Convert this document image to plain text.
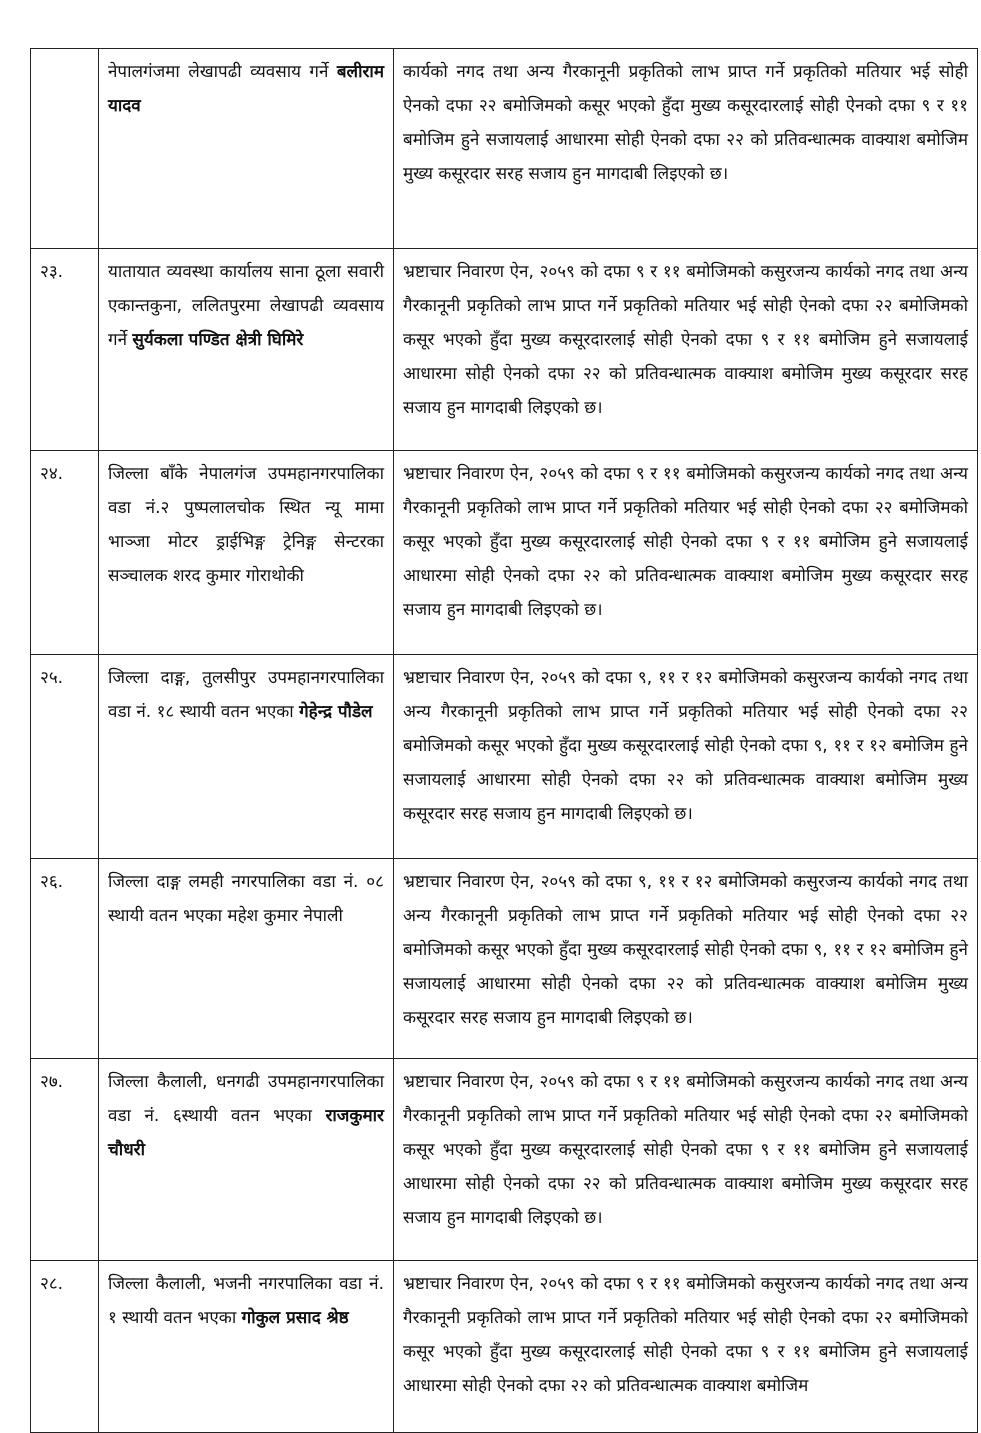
	नेपालगंजमा लेखापढी व्यवसाय गर्ने बलीराम यादव	कार्यको नगद तथा अन्य गैरकानूनी प्रकृतिको लाभ प्राप्त गर्ने प्रकृतिको मतियार भई सोही ऐनको दफा २२ बमोजिमको कसूर भएको हुँदा मुख्य कसूरदारलाई सोही ऐनको दफा ९ र ११ बमोजिम हुने सजायलाई आधारमा सोही ऐनको दफा २२ को प्रतिवन्धात्मक वाक्याश बमोजिम मुख्य कसूरदार सरह सजाय हुन मागदाबी लिइएको छ।

२३.	यातायात व्यवस्था कार्यालय साना ठूला सवारी एकान्तकुना, ललितपुरमा लेखापढी व्यवसाय गर्ने सुर्यकला पण्डित क्षेत्री घिमिरे	भ्रष्टाचार निवारण ऐन, २०५९ को दफा ९ र ११ बमोजिमको कसुरजन्य कार्यको नगद तथा अन्य गैरकानूनी प्रकृतिको लाभ प्राप्त गर्ने प्रकृतिको मतियार भई सोही ऐनको दफा २२ बमोजिमको कसूर भएको हुँदा मुख्य कसूरदारलाई सोही ऐनको दफा ९ र ११ बमोजिम हुने सजायलाई आधारमा सोही ऐनको दफा २२ को प्रतिवन्धात्मक वाक्याश बमोजिम मुख्य कसूरदार सरह सजाय हुन मागदाबी लिइएको छ।

२४.	जिल्ला बाँके नेपालगंज उपमहानगरपालिका वडा नं.२ पुष्पलालचोक स्थित न्यू मामा भाञ्जा मोटर ड्राईभिङ्ग ट्रेनिङ्ग सेन्टरका सञ्चालक शरद कुमार गोराथोकी	भ्रष्टाचार निवारण ऐन, २०५९ को दफा ९ र ११ बमोजिमको कसुरजन्य कार्यको नगद तथा अन्य गैरकानूनी प्रकृतिको लाभ प्राप्त गर्ने प्रकृतिको मतियार भई सोही ऐनको दफा २२ बमोजिमको कसूर भएको हुँदा मुख्य कसूरदारलाई सोही ऐनको दफा ९ र ११ बमोजिम हुने सजायलाई आधारमा सोही ऐनको दफा २२ को प्रतिवन्धात्मक वाक्याश बमोजिम मुख्य कसूरदार सरह सजाय हुन मागदाबी लिइएको छ।

२५.	जिल्ला दाङ्ग, तुलसीपुर उपमहानगरपालिका वडा नं. १८ स्थायी वतन भएका गेहेन्द्र पौडेल	भ्रष्टाचार निवारण ऐन, २०५९ को दफा ९, ११ र १२ बमोजिमको कसुरजन्य कार्यको नगद तथा अन्य गैरकानूनी प्रकृतिको लाभ प्राप्त गर्ने प्रकृतिको मतियार भई सोही ऐनको दफा २२ बमोजिमको कसूर भएको हुँदा मुख्य कसूरदारलाई सोही ऐनको दफा ९, ११ र १२ बमोजिम हुने सजायलाई आधारमा सोही ऐनको दफा २२ को प्रतिवन्धात्मक वाक्याश बमोजिम मुख्य कसूरदार सरह सजाय हुन मागदाबी लिइएको छ।

२६.	जिल्ला दाङ्ग लमही नगरपालिका वडा नं. ०८ स्थायी वतन भएका महेश कुमार नेपाली	भ्रष्टाचार निवारण ऐन, २०५९ को दफा ९, ११ र १२ बमोजिमको कसुरजन्य कार्यको नगद तथा अन्य गैरकानूनी प्रकृतिको लाभ प्राप्त गर्ने प्रकृतिको मतियार भई सोही ऐनको दफा २२ बमोजिमको कसूर भएको हुँदा मुख्य कसूरदारलाई सोही ऐनको दफा ९, ११ र १२ बमोजिम हुने सजायलाई आधारमा सोही ऐनको दफा २२ को प्रतिवन्धात्मक वाक्याश बमोजिम मुख्य कसूरदार सरह सजाय हुन मागदाबी लिइएको छ।

२७.	जिल्ला कैलाली, धनगढी उपमहानगरपालिका वडा नं. ६स्थायी वतन भएका राजकुमार चौधरी	भ्रष्टाचार निवारण ऐन, २०५९ को दफा ९ र ११ बमोजिमको कसुरजन्य कार्यको नगद तथा अन्य गैरकानूनी प्रकृतिको लाभ प्राप्त गर्ने प्रकृतिको मतियार भई सोही ऐनको दफा २२ बमोजिमको कसूर भएको हुँदा मुख्य कसूरदारलाई सोही ऐनको दफा ९ र ११ बमोजिम हुने सजायलाई आधारमा सोही ऐनको दफा २२ को प्रतिवन्धात्मक वाक्याश बमोजिम मुख्य कसूरदार सरह सजाय हुन मागदाबी लिइएको छ।

२८.	जिल्ला कैलाली, भजनी नगरपालिका वडा नं. १ स्थायी वतन भएका गोकुल प्रसाद श्रेष्ठ	भ्रष्टाचार निवारण ऐन, २०५९ को दफा ९ र ११ बमोजिमको कसुरजन्य कार्यको नगद तथा अन्य गैरकानूनी प्रकृतिको लाभ प्राप्त गर्ने प्रकृतिको मतियार भई सोही ऐनको दफा २२ बमोजिमको कसूर भएको हुँदा मुख्य कसूरदारलाई सोही ऐनको दफा ९ र ११ बमोजिम हुने सजायलाई आधारमा सोही ऐनको दफा २२ को प्रतिवन्धात्मक वाक्याश बमोजिम
